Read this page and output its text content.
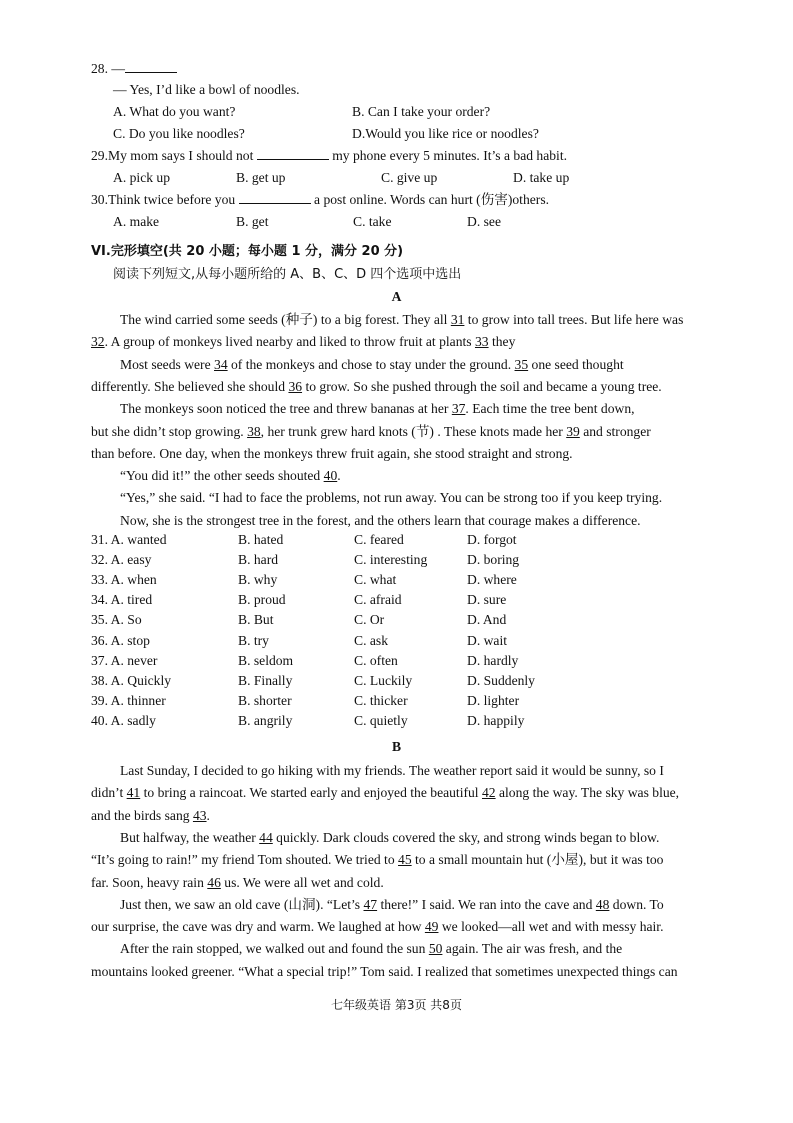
28. —
— Yes, I’d like a bowl of noodles.
A. What do you want?	B. Can I take your order?
C. Do you like noodles?	D.Would you like rice or noodles?
29.My mom says I should not	my phone every 5 minutes. It’s a bad habit.
A. pick up	B. get up	C. give up	D. take up
30.Think twice before you	a post online. Words can hurt (伤害)others.
A. make	B. get	C. take	D. see
VI.完形填空(共 20 小题；每小题 1 分，满分 20 分)
阅读下列短文,从每小题所给的 A、B、C、D 四个选项中选出
A
The wind carried some seeds (种子) to a big forest. They all 31 to grow into tall trees. But life here was
32. A group of monkeys lived nearby and liked to throw fruit at plants 33 they
Most seeds were 34 of the monkeys and chose to stay under the ground. 35 one seed thought
differently. She believed she should 36 to grow. So she pushed through the soil and became a young tree.
The monkeys soon noticed the tree and threw bananas at her 37. Each time the tree bent down,
but she didn’t stop growing. 38, her trunk grew hard knots (节) . These knots made her 39 and stronger
than before. One day, when the monkeys threw fruit again, she stood straight and strong.
“You did it!” the other seeds shouted 40.
“Yes,” she said. “I had to face the problems, not run away. You can be strong too if you keep trying.
Now, she is the strongest tree in the forest, and the others learn that courage makes a difference.
31. A. wanted	B. hated	C. feared	D. forgot
32. A. easy	B. hard	C. interesting	D. boring
33. A. when	B. why	C. what	D. where
34. A. tired	B. proud	C. afraid	D. sure
35. A. So	B. But	C. Or	D. And
36. A. stop	B. try	C. ask	D. wait
37. A. never	B. seldom	C. often	D. hardly
38. A. Quickly	B. Finally	C. Luckily	D. Suddenly
39. A. thinner	B. shorter	C. thicker	D. lighter
40. A. sadly	B. angrily	C. quietly	D. happily
B
Last Sunday, I decided to go hiking with my friends. The weather report said it would be sunny, so I
didn’t 41 to bring a raincoat. We started early and enjoyed the beautiful 42 along the way. The sky was blue,
and the birds sang 43.
But halfway, the weather 44 quickly. Dark clouds covered the sky, and strong winds began to blow.
“It’s going to rain!” my friend Tom shouted. We tried to 45 to a small mountain hut (小屋), but it was too
far. Soon, heavy rain 46 us. We were all wet and cold.
Just then, we saw an old cave (山洞). “Let’s 47 there!” I said. We ran into the cave and 48 down. To
our surprise, the cave was dry and warm. We laughed at how 49 we looked—all wet and with messy hair.
After the rain stopped, we walked out and found the sun 50 again. The air was fresh, and the
mountains looked greener. “What a special trip!” Tom said. I realized that sometimes unexpected things can
七年级英语 第3页 共8页
